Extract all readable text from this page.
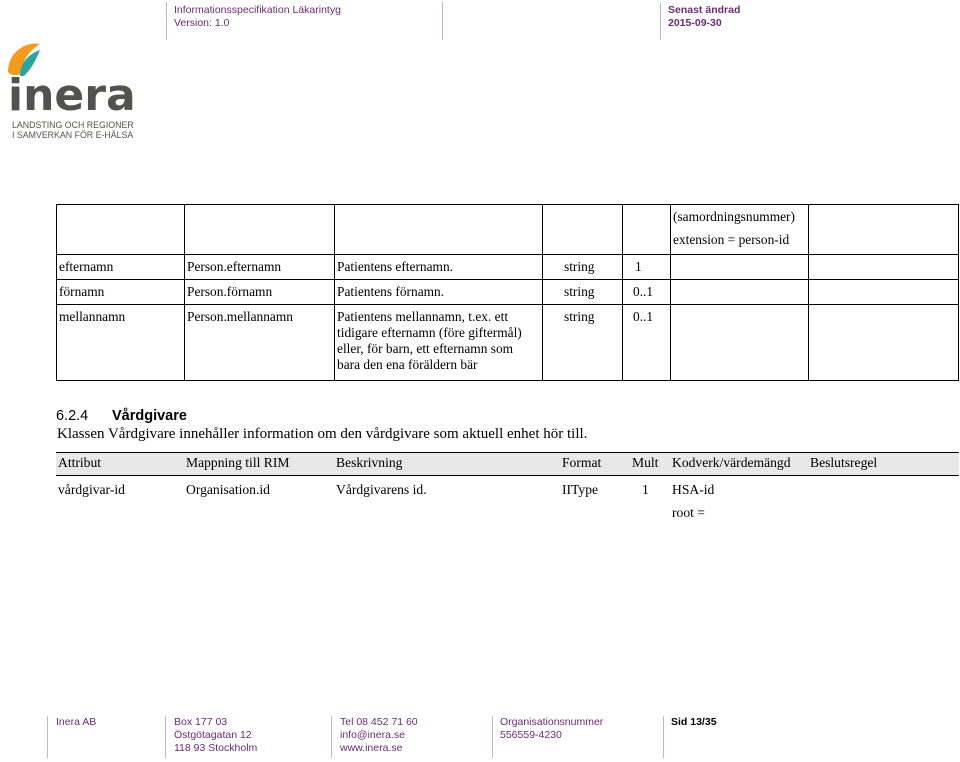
Informationsspecifikation Läkarintyg
Version: 1.0
Senast ändrad
2015-09-30
inera
LANDSTING OCH REGIONER
I SAMVERKAN FÖR E-HÄLSA

					(samordningsnummer)
extension = person-id	

efternamn	Person.efternamn	Patientens efternamn.	string	1		
förnamn	Person.förnamn	Patientens förnamn.	string	0..1		
mellannamn	Person.mellannamn	Patientens mellannamn, t.ex. ett
tidigare efternamn (före giftermål)
eller, för barn, ett efternamn som
bara den ena föräldern bär	string	0..1		
6.2.4 Vårdgivare
Klassen Vårdgivare innehåller information om den vårdgivare som aktuell enhet hör till.
Attribut	Mappning till RIM	Beskrivning	Format Mult Kodverk/värdemängd Beslutsregel
vårdgivar-id	Organisation.id	Vårdgivarens id.	IIType	1 HSA-id
root =
Inera AB	Box 177 03
Östgötagatan 12
118 93 Stockholm
Tel 08 452 71 60
info@inera.se
www.inera.se
Organisationsnummer
556559-4230
Sid 13/35
